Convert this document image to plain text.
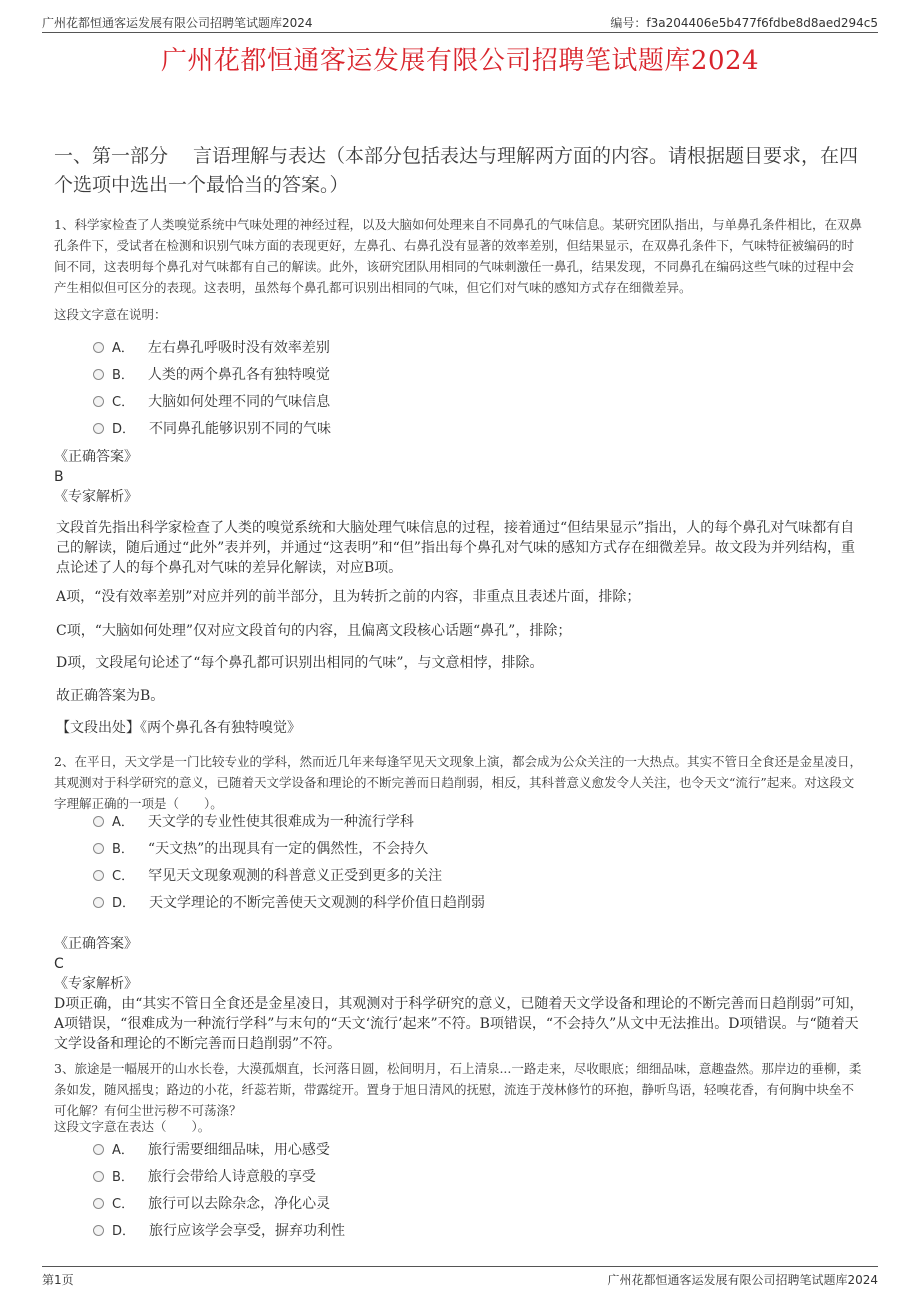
广州花都恒通客运发展有限公司招聘笔试题库2024	编号：f3a204406e5b477f6fdbe8d8aed294c5
广州花都恒通客运发展有限公司招聘笔试题库2024
一、第一部分　 言语理解与表达（本部分包括表达与理解两方面的内容。请根据题目要求，在四个选项中选出一个最恰当的答案。）
1、科学家检查了人类嗅觉系统中气味处理的神经过程，以及大脑如何处理来自不同鼻孔的气味信息。某研究团队指出，与单鼻孔条件相比，在双鼻孔条件下，受试者在检测和识别气味方面的表现更好，左鼻孔、右鼻孔没有显著的效率差别，但结果显示，在双鼻孔条件下，气味特征被编码的时间不同，这表明每个鼻孔对气味都有自己的解读。此外，该研究团队用相同的气味刺激任一鼻孔，结果发现，不同鼻孔在编码这些气味的过程中会产生相似但可区分的表现。这表明，虽然每个鼻孔都可识别出相同的气味，但它们对气味的感知方式存在细微差异。
这段文字意在说明：
A． 左右鼻孔呼吸时没有效率差别
B． 人类的两个鼻孔各有独特嗅觉
C． 大脑如何处理不同的气味信息
D． 不同鼻孔能够识别不同的气味
《正确答案》
B
《专家解析》
文段首先指出科学家检查了人类的嗅觉系统和大脑处理气味信息的过程，接着通过“但结果显示”指出，人的每个鼻孔对气味都有自己的解读，随后通过“此外”表并列，并通过“这表明”和“但”指出每个鼻孔对气味的感知方式存在细微差异。故文段为并列结构，重点论述了人的每个鼻孔对气味的差异化解读，对应B项。
A项，“没有效率差别”对应并列的前半部分，且为转折之前的内容，非重点且表述片面，排除；
C项，“大脑如何处理”仅对应文段首句的内容，且偏离文段核心话题“鼻孔”，排除；
D项，文段尾句论述了“每个鼻孔都可识别出相同的气味”，与文意相悖，排除。
故正确答案为B。
【文段出处】《两个鼻孔各有独特嗅觉》
2、在平日，天文学是一门比较专业的学科，然而近几年来每逢罕见天文现象上演，都会成为公众关注的一大热点。其实不管日全食还是金星凌日，其观测对于科学研究的意义，已随着天文学设备和理论的不断完善而日趋削弱，相反，其科普意义愈发令人关注，也令天文“流行”起来。对这段文字理解正确的一项是（　　）。
A． 天文学的专业性使其很难成为一种流行学科
B． “天文热”的出现具有一定的偶然性，不会持久
C． 罕见天文现象观测的科普意义正受到更多的关注
D． 天文学理论的不断完善使天文观测的科学价值日趋削弱
《正确答案》
C
《专家解析》
D项正确，由“其实不管日全食还是金星凌日，其观测对于科学研究的意义，已随着天文学设备和理论的不断完善而日趋削弱”可知，A项错误，“很难成为一种流行学科”与末句的“天文‘流行’起来”不符。B项错误，“不会持久”从文中无法推出。D项错误。与“随着天文学设备和理论的不断完善而日趋削弱”不符。
3、旅途是一幅展开的山水长卷，大漠孤烟直，长河落日圆，松间明月，石上清泉...一路走来，尽收眼底；细细品味，意趣盎然。那岸边的垂柳，柔条如发，随风摇曳；路边的小花，纤蕊若斯，带露绽开。置身于旭日清风的抚慰，流连于茂林修竹的环抱，静听鸟语，轻嗅花香，有何胸中块垒不可化解？有何尘世污秽不可荡涤？
这段文字意在表达（　　）。
A． 旅行需要细细品味，用心感受
B． 旅行会带给人诗意般的享受
C． 旅行可以去除杂念，净化心灵
D． 旅行应该学会享受，摒弃功利性
第1页	广州花都恒通客运发展有限公司招聘笔试题库2024
